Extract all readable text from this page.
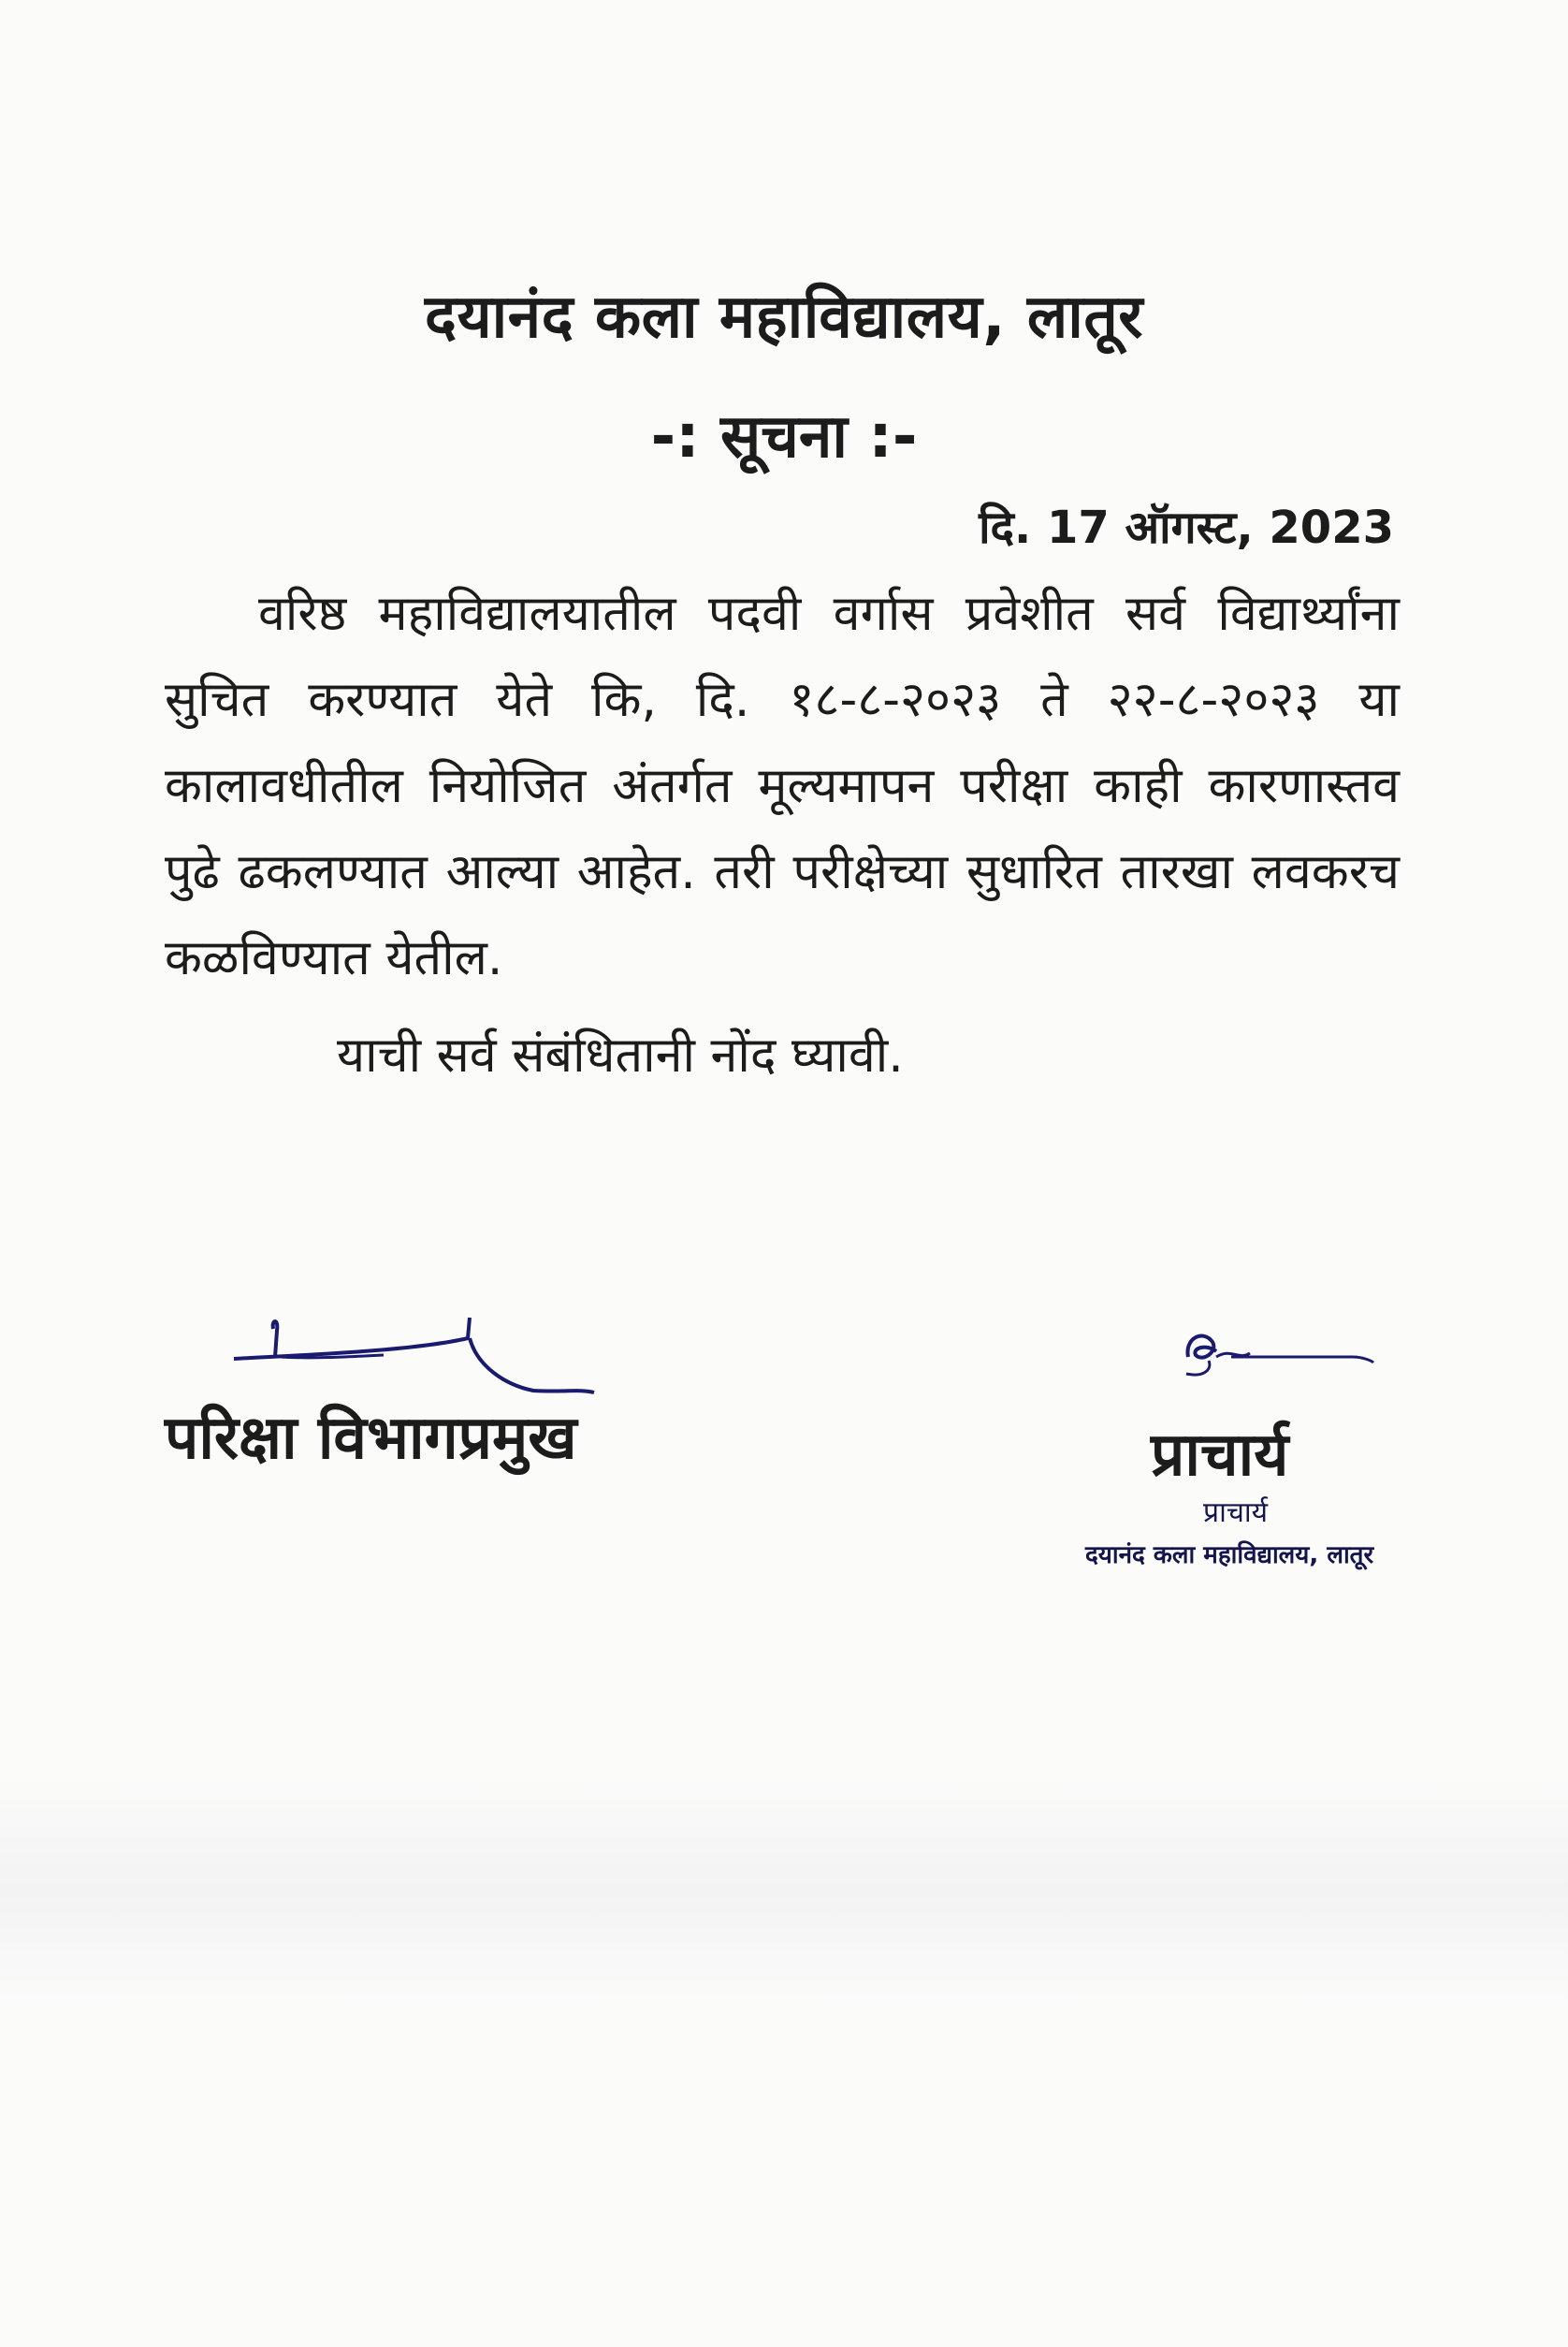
दयानंद कला महाविद्यालय, लातूर
-: सूचना :-
दि. 17 ऑगस्ट, 2023

वरिष्ठ महाविद्यालयातील पदवी वर्गास प्रवेशीत सर्व विद्यार्थ्यांना सुचित करण्यात येते कि, दि. १८-८-२०२३ ते २२-८-२०२३ या कालावधीतील नियोजित अंतर्गत मूल्यमापन परीक्षा काही कारणास्तव पुढे ढकलण्यात आल्या आहेत. तरी परीक्षेच्या सुधारित तारखा लवकरच कळविण्यात येतील.

याची सर्व संबंधितानी नोंद घ्यावी.
परिक्षा विभागप्रमुख	प्राचार्य
प्राचार्य
दयानंद कला महाविद्यालय, लातूर
